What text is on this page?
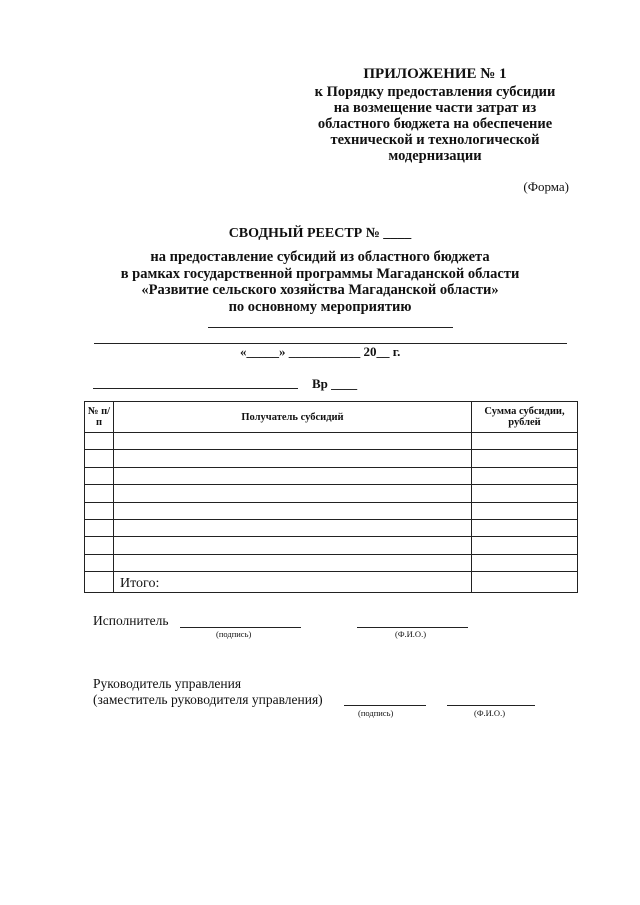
ПРИЛОЖЕНИЕ № 1
к Порядку предоставления субсидии
на возмещение части затрат из
областного бюджета на обеспечение
технической и технологической
модернизации
(Форма)
СВОДНЫЙ РЕЕСТР № ____
на предоставление субсидий из областного бюджета
в рамках государственной программы Магаданской области
«Развитие сельского хозяйства Магаданской области»
по основному мероприятию
«_____» ___________ 20__ г.
Вр ____
№ п/п	Получатель субсидий	Сумма субсидии, рублей

	Итого:	
Исполнитель
(подпись)	(Ф.И.О.)
Руководитель управления
(заместитель руководителя управления)
(подпись)	(Ф.И.О.)
